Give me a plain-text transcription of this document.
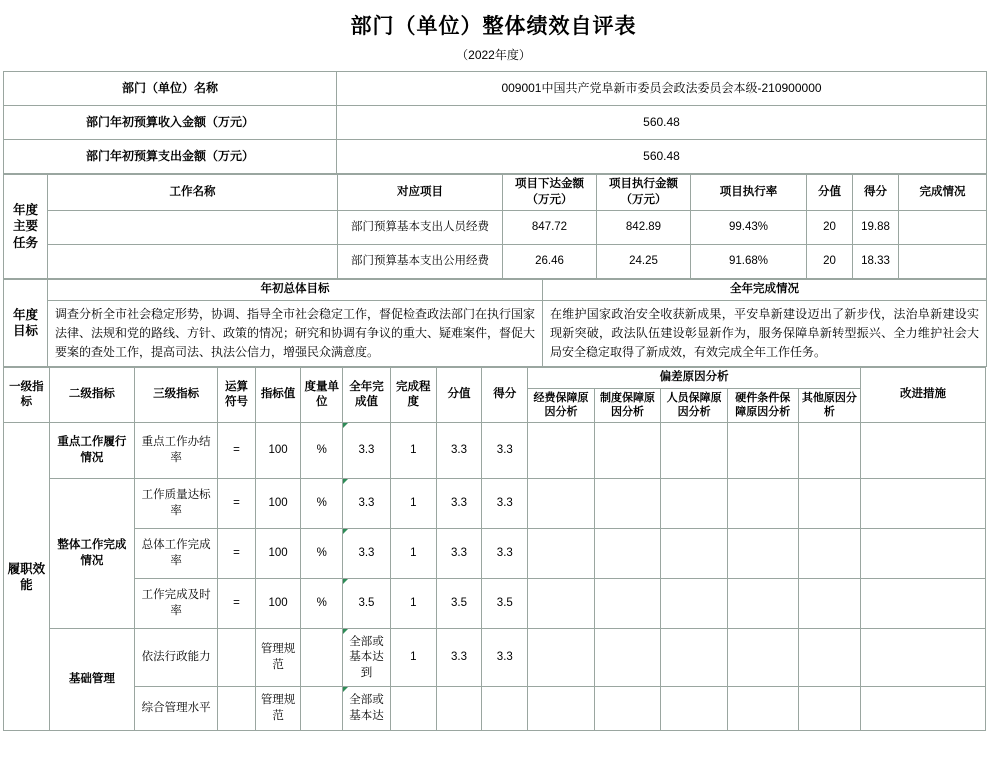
部门（单位）整体绩效自评表
（2022年度）
部门（单位）名称	009001中国共产党阜新市委员会政法委员会本级-210900000
部门年初预算收入金额（万元）	560.48
部门年初预算支出金额（万元）	560.48
年度主要任务	工作名称	对应项目	项目下达金额（万元）	项目执行金额（万元）	项目执行率	分值	得分	完成情况
		部门预算基本支出人员经费	847.72	842.89	99.43%	20	19.88	
		部门预算基本支出公用经费	26.46	24.25	91.68%	20	18.33	
年度目标	年初总体目标	全年完成情况
	调查分析全市社会稳定形势，协调、指导全市社会稳定工作，督促检查政法部门在执行国家法律、法规和党的路线、方针、政策的情况；研究和协调有争议的重大、疑难案件，督促大要案的查处工作，提高司法、执法公信力，增强民众满意度。	在维护国家政治安全收获新成果，平安阜新建设迈出了新步伐，法治阜新建设实现新突破，政法队伍建设彰显新作为，服务保障阜新转型振兴、全力维护社会大局安全稳定取得了新成效，有效完成全年工作任务。
一级指标	二级指标	三级指标	运算符号	指标值	度量单位	全年完成值	完成程度	分值	得分	偏差原因分析					改进措施
										经费保障原因分析	制度保障原因分析	人员保障原因分析	硬件条件保障原因分析	其他原因分析	
履职效能	重点工作履行情况	重点工作办结率	=	100	%	3.3	1	3.3	3.3						
	整体工作完成情况	工作质量达标率	=	100	%	3.3	1	3.3	3.3						
		总体工作完成率	=	100	%	3.3	1	3.3	3.3						
		工作完成及时率	=	100	%	3.5	1	3.5	3.5						
	基础管理	依法行政能力		管理规范		全部或基本达到	1	3.3	3.3						
		综合管理水平		管理规范		全部或基本达									
